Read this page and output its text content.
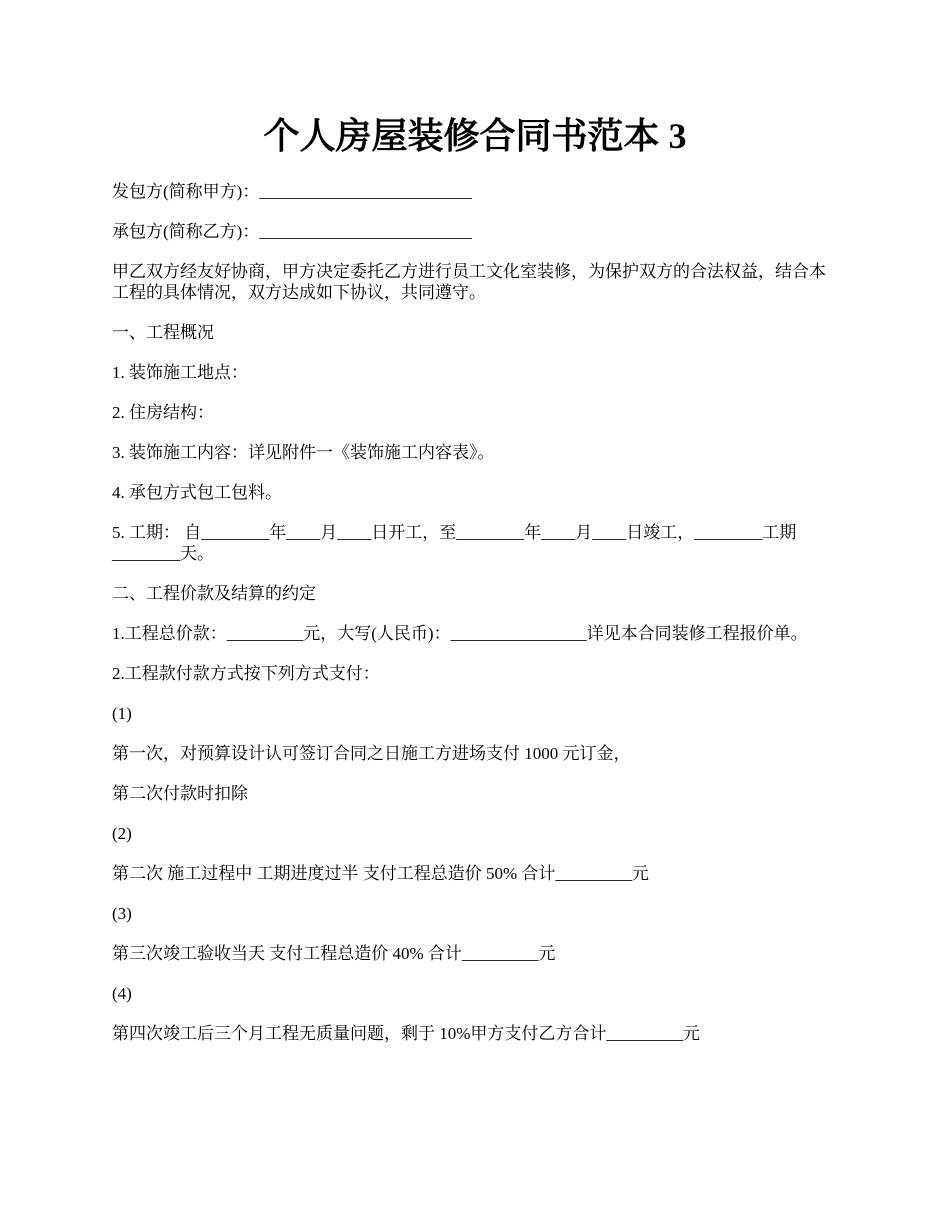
个人房屋装修合同书范本 3

发包方(简称甲方)：_________________________

承包方(简称乙方)：_________________________

甲乙双方经友好协商，甲方决定委托乙方进行员工文化室装修，为保护双方的合法权益，结合本工程的具体情况，双方达成如下协议，共同遵守。

一、工程概况

1. 装饰施工地点：

2. 住房结构：

3. 装饰施工内容：详见附件一《装饰施工内容表》。

4. 承包方式包工包料。

5. 工期： 自________年____月____日开工，至________年____月____日竣工，________工期________天。

二、工程价款及结算的约定

1.工程总价款：_________元，大写(人民币)：________________详见本合同装修工程报价单。

2.工程款付款方式按下列方式支付：

(1)

第一次，对预算设计认可签订合同之日施工方进场支付 1000 元订金，

第二次付款时扣除

(2)

第二次 施工过程中 工期进度过半 支付工程总造价 50% 合计_________元

(3)

第三次竣工验收当天 支付工程总造价 40% 合计_________元

(4)

第四次竣工后三个月工程无质量问题，剩于 10%甲方支付乙方合计_________元
